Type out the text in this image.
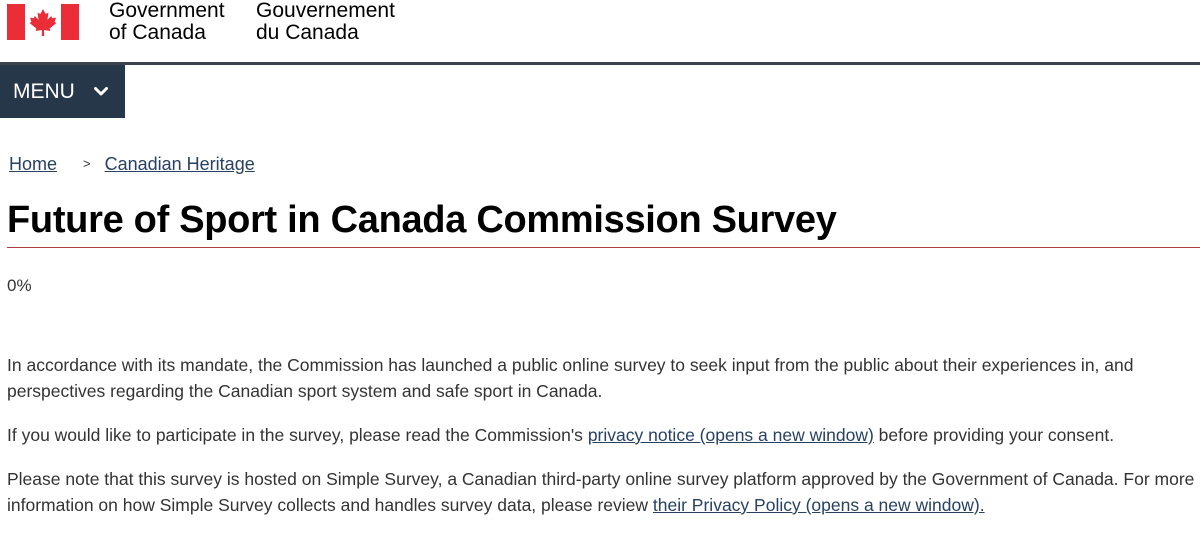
Government
of Canada
Gouvernement
du Canada
MENU
Home > Canadian Heritage
Future of Sport in Canada Commission Survey
0%

In accordance with its mandate, the Commission has launched a public online survey to seek input from the public about their experiences in, and perspectives regarding the Canadian sport system and safe sport in Canada.

If you would like to participate in the survey, please read the Commission's privacy notice (opens a new window) before providing your consent.

Please note that this survey is hosted on Simple Survey, a Canadian third-party online survey platform approved by the Government of Canada. For more information on how Simple Survey collects and handles survey data, please review their Privacy Policy (opens a new window).
